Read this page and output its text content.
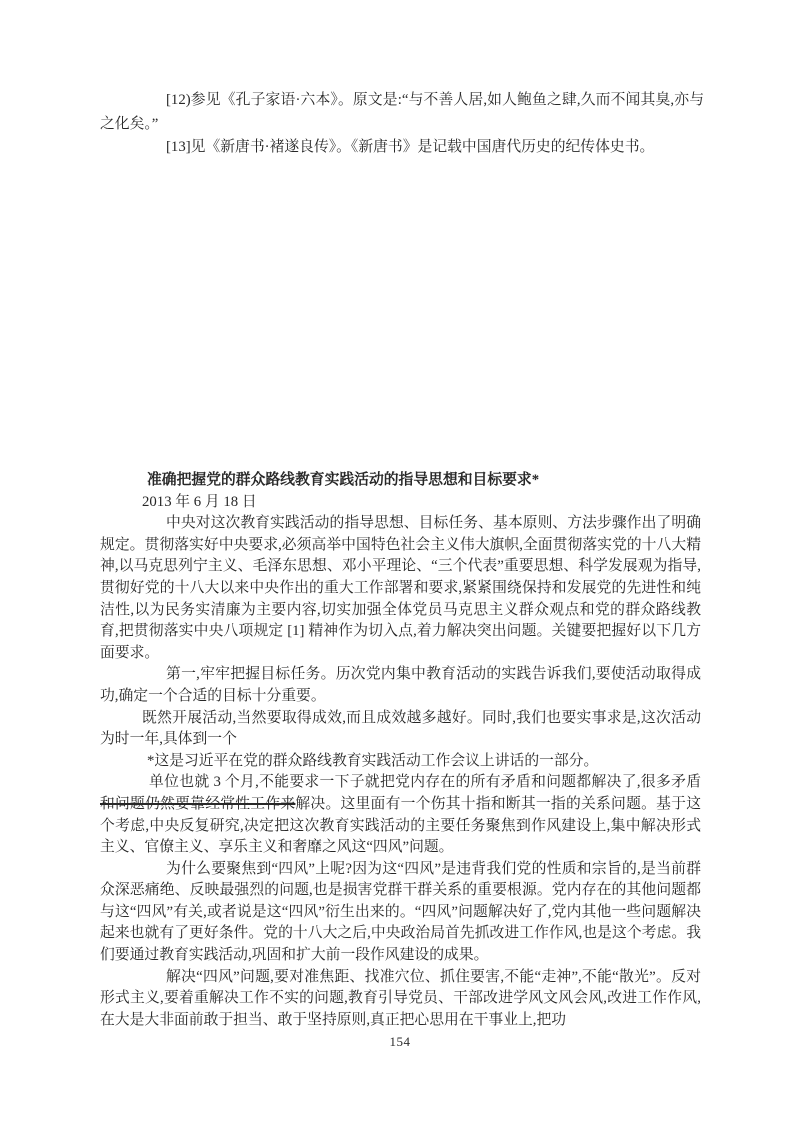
[12)参见《孔子家语·六本》。原文是:“与不善人居,如人鲍鱼之肆,久而不闻其臭,亦与之化矣。”

[13]见《新唐书·褚遂良传》。《新唐书》是记载中国唐代历史的纪传体史书。

准确把握党的群众路线教育实践活动的指导思想和目标要求*

2013 年 6 月 18 日

中央对这次教育实践活动的指导思想、目标任务、基本原则、方法步骤作出了明确规定。贯彻落实好中央要求,必须高举中国特色社会主义伟大旗帜,全面贯彻落实党的十八大精神,以马克思列宁主义、毛泽东思想、邓小平理论、“三个代表”重要思想、科学发展观为指导,贯彻好党的十八大以来中央作出的重大工作部署和要求,紧紧围绕保持和发展党的先进性和纯洁性,以为民务实清廉为主要内容,切实加强全体党员马克思主义群众观点和党的群众路线教育,把贯彻落实中央八项规定 [1] 精神作为切入点,着力解决突出问题。关键要把握好以下几方面要求。

第一,牢牢把握目标任务。历次党内集中教育活动的实践告诉我们,要使活动取得成功,确定一个合适的目标十分重要。

既然开展活动,当然要取得成效,而且成效越多越好。同时,我们也要实事求是,这次活动为时一年,具体到一个

*这是习近平在党的群众路线教育实践活动工作会议上讲话的一部分。

单位也就 3 个月,不能要求一下子就把党内存在的所有矛盾和问题都解决了,很多矛盾和问题仍然要靠经常性工作来解决。这里面有一个伤其十指和断其一指的关系问题。基于这个考虑,中央反复研究,决定把这次教育实践活动的主要任务聚焦到作风建设上,集中解决形式主义、官僚主义、享乐主义和奢靡之风这“四风”问题。

为什么要聚焦到“四风”上呢?因为这“四风”是违背我们党的性质和宗旨的,是当前群众深恶痛绝、反映最强烈的问题,也是损害党群干群关系的重要根源。党内存在的其他问题都与这“四风”有关,或者说是这“四风”衍生出来的。“四风”问题解决好了,党内其他一些问题解决起来也就有了更好条件。党的十八大之后,中央政治局首先抓改进工作作风,也是这个考虑。我们要通过教育实践活动,巩固和扩大前一段作风建设的成果。

解决“四风”问题,要对准焦距、找准穴位、抓住要害,不能“走神”,不能“散光”。反对形式主义,要着重解决工作不实的问题,教育引导党员、干部改进学风文风会风,改进工作作风,在大是大非面前敢于担当、敢于坚持原则,真正把心思用在干事业上,把功

154
